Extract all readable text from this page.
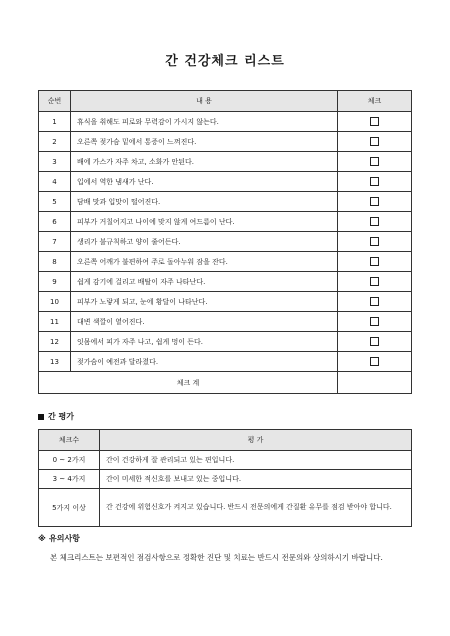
간 건강체크 리스트
순번	내 용	체크
1	휴식을 취해도 피로와 무력감이 가시지 않는다.	
2	오른쪽 젖가슴 밑에서 통증이 느껴진다.	
3	배에 가스가 자주 차고, 소화가 안된다.	
4	입에서 역한 냄새가 난다.	
5	담배 맛과 입맛이 떨어진다.	
6	피부가 거칠어지고 나이에 맞지 않게 여드름이 난다.	
7	생리가 불규칙하고 양이 줄어든다.	
8	오른쪽 어깨가 불편하여 주로 돌아누워 잠을 잔다.	
9	쉽게 감기에 걸리고 배탈이 자주 나타난다.	
10	피부가 노랗게 되고, 눈에 황달이 나타난다.	
11	대변 색깔이 옅어진다.	
12	잇몸에서 피가 자주 나고, 쉽게 멍이 든다.	
13	젖가슴이 예전과 달라졌다.	
체크 계		
간 평가
체크수	평 가
0 ~ 2가지	간이 건강하게 잘 관리되고 있는 편입니다.
3 ~ 4가지	간이 미세한 적신호를 보내고 있는 중입니다.
5가지 이상	간 건강에 위험신호가 켜지고 있습니다. 반드시 전문의에게 간질환 유무를 점검 받아야 합니다.
※ 유의사항
본 체크리스트는 보편적인 점검사항으로 정확한 진단 및 치료는 반드시 전문의와 상의하시기 바랍니다.
